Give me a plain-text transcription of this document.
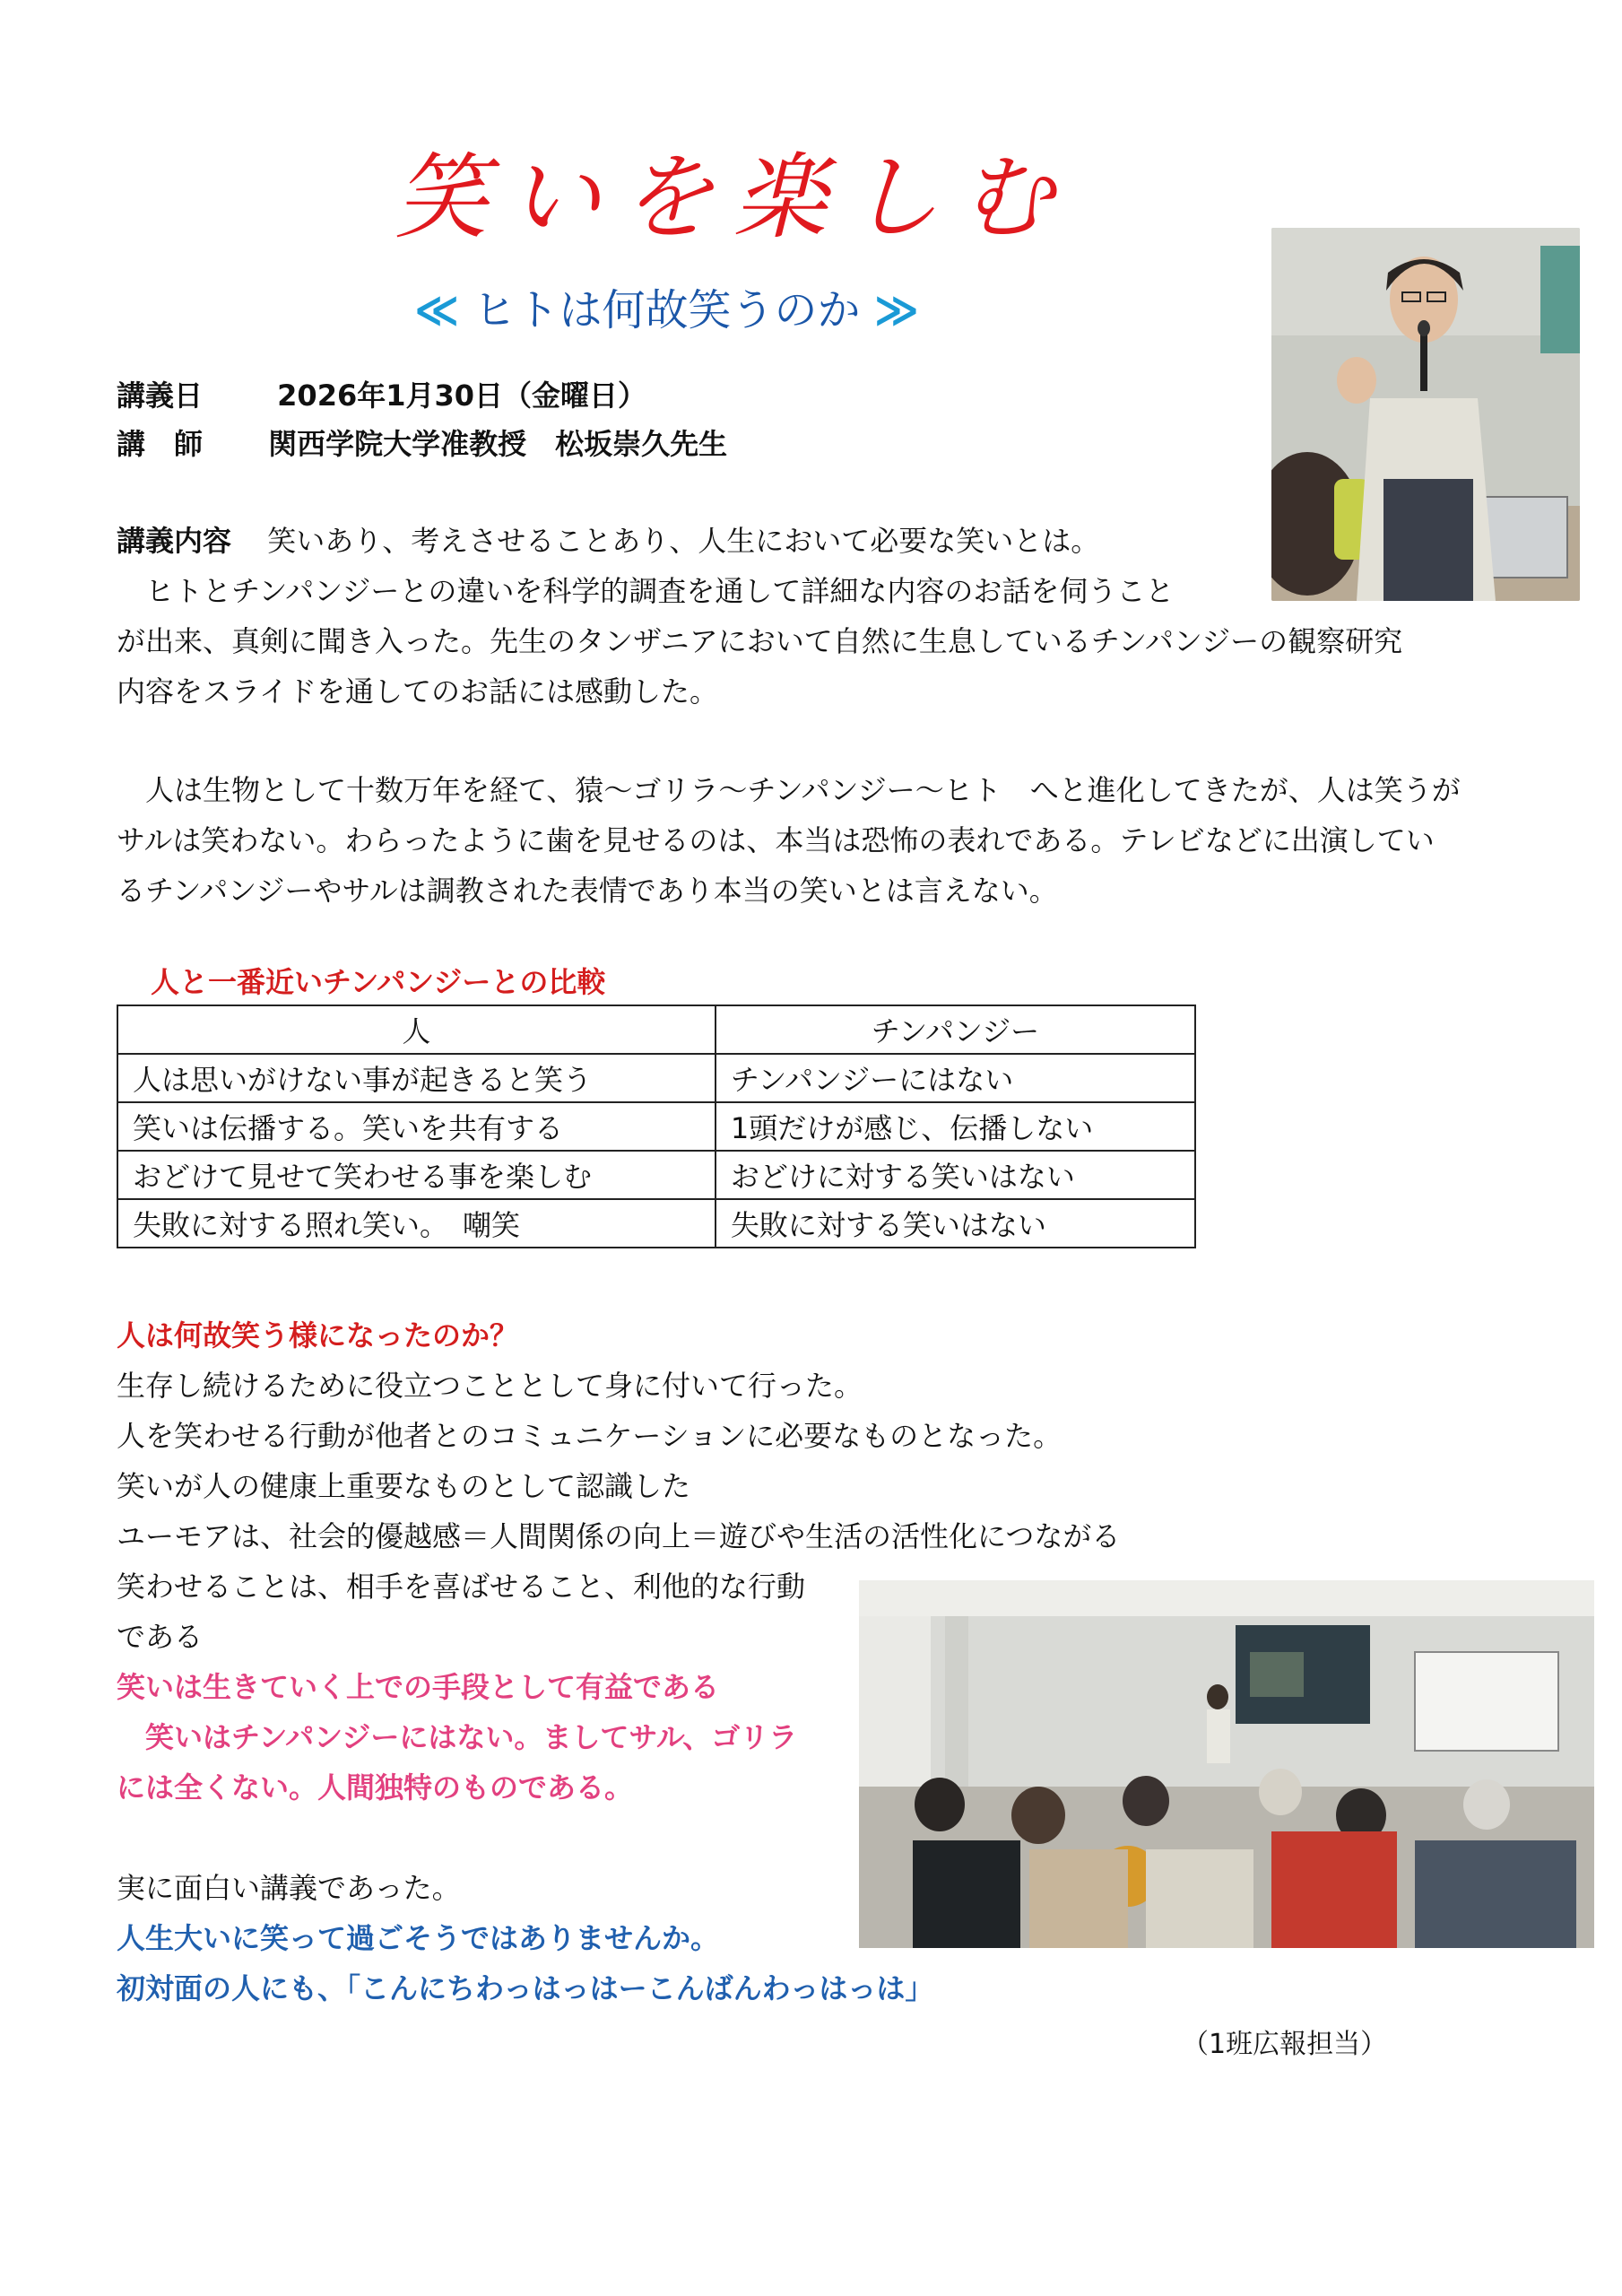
笑いを楽しむ
≪ ヒトは何故笑うのか ≫
講義日	2026年1月30日（金曜日）
講　師 関西学院大学准教授　松坂崇久先生
講義内容 笑いあり、考えさせることあり、人生において必要な笑いとは。
　ヒトとチンパンジーとの違いを科学的調査を通して詳細な内容のお話を伺うこと
が出来、真剣に聞き入った。先生のタンザニアにおいて自然に生息しているチンパンジーの観察研究
内容をスライドを通してのお話には感動した。
　人は生物として十数万年を経て、猿～ゴリラ～チンパンジー～ヒト　へと進化してきたが、人は笑うが
サルは笑わない。わらったように歯を見せるのは、本当は恐怖の表れである。テレビなどに出演してい
るチンパンジーやサルは調教された表情であり本当の笑いとは言えない。
人と一番近いチンパンジーとの比較
人	チンパンジー
人は思いがけない事が起きると笑う	チンパンジーにはない
笑いは伝播する。笑いを共有する	1頭だけが感じ、伝播しない
おどけて見せて笑わせる事を楽しむ	おどけに対する笑いはない
失敗に対する照れ笑い。　嘲笑	失敗に対する笑いはない
人は何故笑う様になったのか？
生存し続けるために役立つこととして身に付いて行った。
人を笑わせる行動が他者とのコミュニケーションに必要なものとなった。
笑いが人の健康上重要なものとして認識した
ユーモアは、社会的優越感＝人間関係の向上＝遊びや生活の活性化につながる
笑わせることは、相手を喜ばせること、利他的な行動
である
笑いは生きていく上での手段として有益である
　笑いはチンパンジーにはない。ましてサル、ゴリラ
には全くない。人間独特のものである。
実に面白い講義であった。
人生大いに笑って過ごそうではありませんか。
初対面の人にも、「こんにちわっはっはーこんばんわっはっは」
（1班広報担当）
